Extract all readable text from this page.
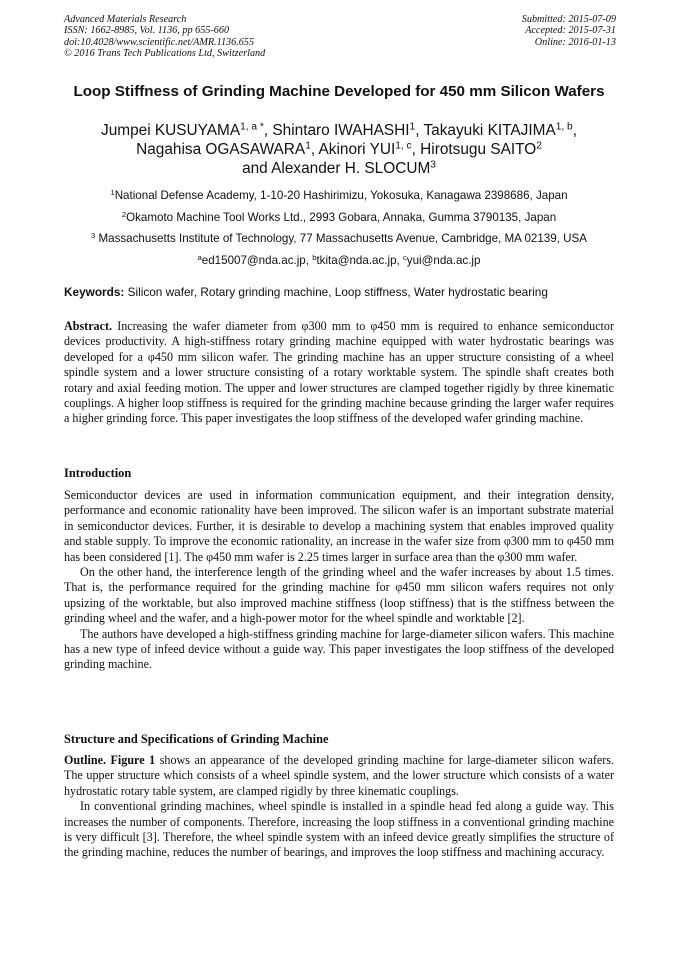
Advanced Materials Research
ISSN: 1662-8985, Vol. 1136, pp 655-660
doi:10.4028/www.scientific.net/AMR.1136.655
© 2016 Trans Tech Publications Ltd, Switzerland
Submitted: 2015-07-09
Accepted: 2015-07-31
Online: 2016-01-13
Loop Stiffness of Grinding Machine Developed for 450 mm Silicon Wafers
Jumpei $KUSUYAMA^{1, a *}$, Shintaro IWAHASHI$^1$, Takayuki KITAJIMA$^{1, b}$,
Nagahisa OGASAWARA$^1$, Akinori YUI$^{1, c}$, Hirotsugu SAITO$^2$
and Alexander H. SLOCUM$^3$
$^1$National Defense Academy, 1-10-20 Hashirimizu, Yokosuka, Kanagawa 2398686, Japan
$^2$Okamoto Machine Tool Works Ltd., 2993 Gobara, Annaka, Gumma 3790135, Japan
$^3$ Massachusetts Institute of Technology, 77 Massachusetts Avenue, Cambridge, MA 02139, USA
$^a$ed15007@nda.ac.jp, $^b$tkita@nda.ac.jp, $^c$yui@nda.ac.jp
Keywords: Silicon wafer, Rotary grinding machine, Loop stiffness, Water hydrostatic bearing

Abstract. Increasing the wafer diameter from φ300 mm to φ450 mm is required to enhance semiconductor devices productivity. A high-stiffness rotary grinding machine equipped with water hydrostatic bearings was developed for a φ450 mm silicon wafer. The grinding machine has an upper structure consisting of a wheel spindle system and a lower structure consisting of a rotary worktable system. The spindle shaft creates both rotary and axial feeding motion. The upper and lower structures are clamped together rigidly by three kinematic couplings. A higher loop stiffness is required for the grinding machine because grinding the larger wafer requires a higher grinding force. This paper investigates the loop stiffness of the developed wafer grinding machine.

Introduction

Semiconductor devices are used in information communication equipment, and their integration density, performance and economic rationality have been improved. The silicon wafer is an important substrate material in semiconductor devices. Further, it is desirable to develop a machining system that enables improved quality and stable supply. To improve the economic rationality, an increase in the wafer size from φ300 mm to φ450 mm has been considered [1]. The φ450 mm wafer is 2.25 times larger in surface area than the φ300 mm wafer.

On the other hand, the interference length of the grinding wheel and the wafer increases by about 1.5 times. That is, the performance required for the grinding machine for φ450 mm silicon wafers requires not only upsizing of the worktable, but also improved machine stiffness (loop stiffness) that is the stiffness between the grinding wheel and the wafer, and a high-power motor for the wheel spindle and worktable [2].

The authors have developed a high-stiffness grinding machine for large-diameter silicon wafers. This machine has a new type of infeed device without a guide way. This paper investigates the loop stiffness of the developed grinding machine.

Structure and Specifications of Grinding Machine

Outline. Figure 1 shows an appearance of the developed grinding machine for large-diameter silicon wafers. The upper structure which consists of a wheel spindle system, and the lower structure which consists of a water hydrostatic rotary table system, are clamped rigidly by three kinematic couplings.

In conventional grinding machines, wheel spindle is installed in a spindle head fed along a guide way. This increases the number of components. Therefore, increasing the loop stiffness in a conventional grinding machine is very difficult [3]. Therefore, the wheel spindle system with an infeed device greatly simplifies the structure of the grinding machine, reduces the number of bearings, and improves the loop stiffness and machining accuracy.
